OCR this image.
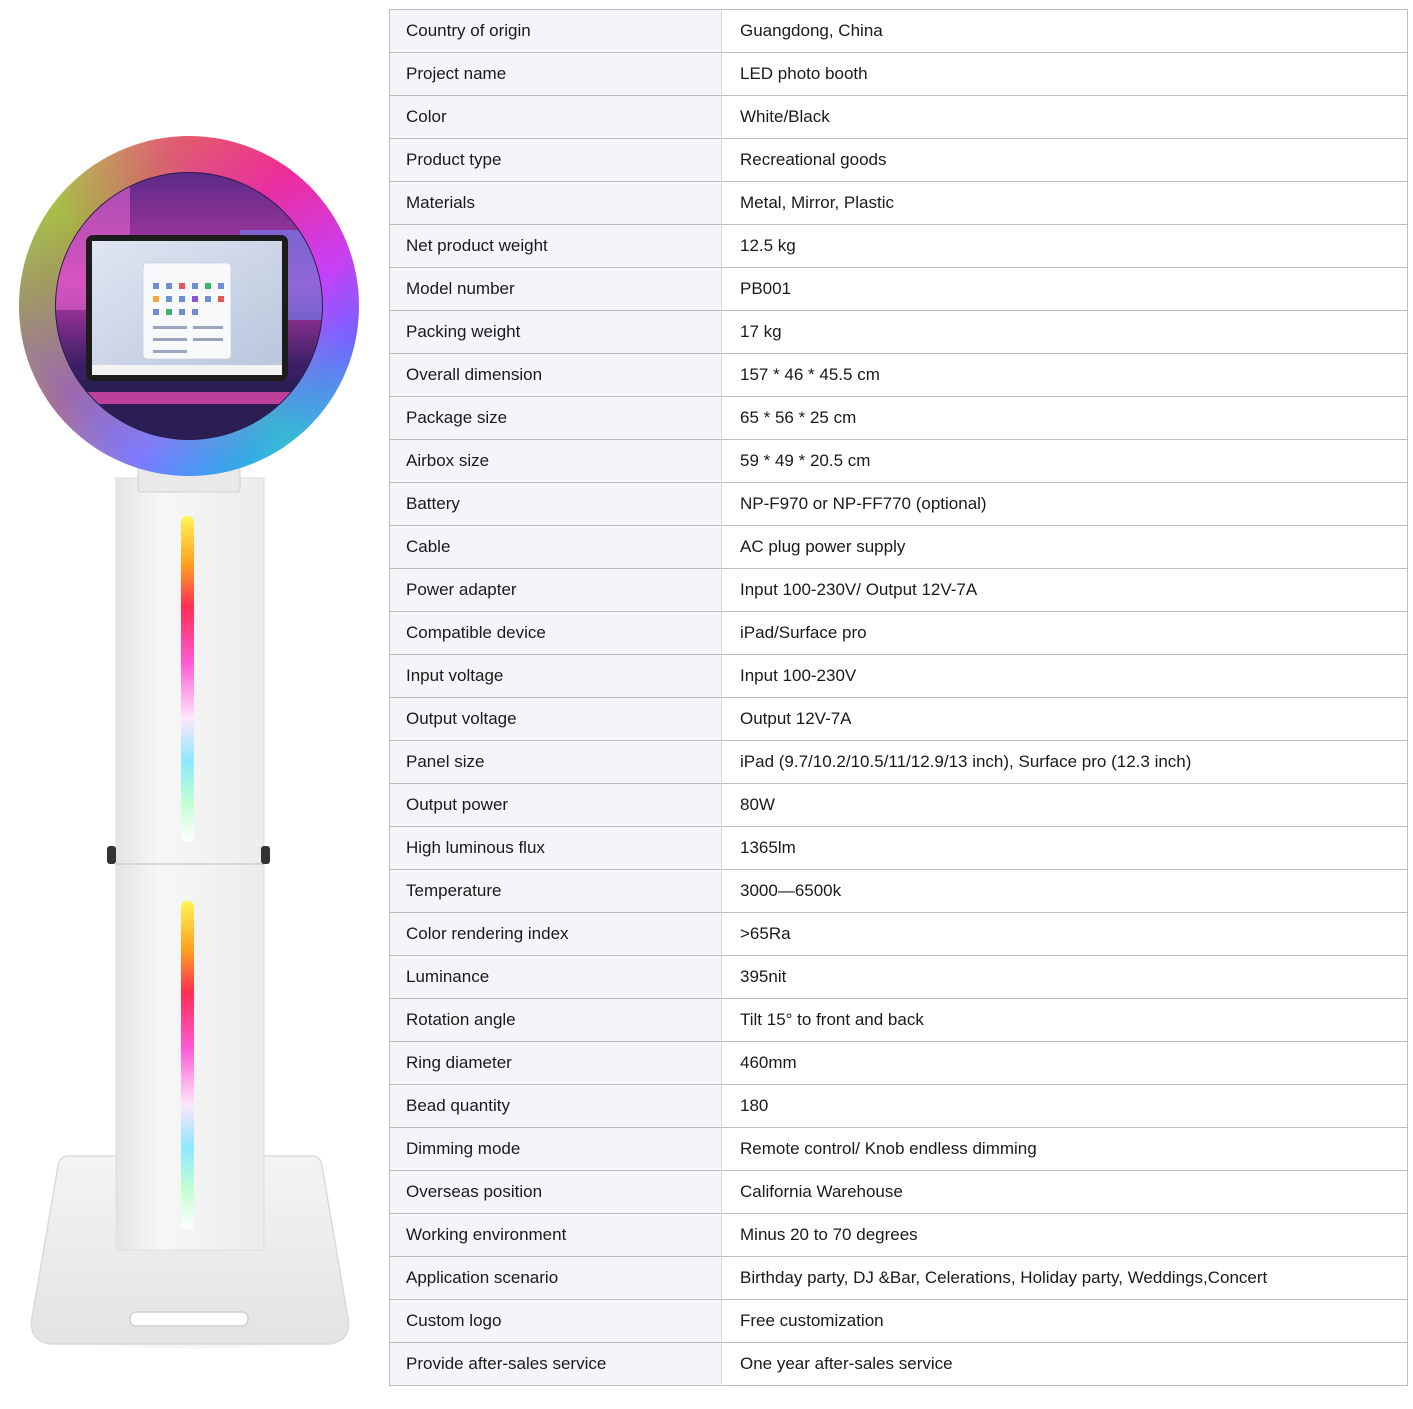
Country of origin	Guangdong, China
Project name	LED photo booth
Color	White/Black
Product type	Recreational goods
Materials	Metal, Mirror, Plastic
Net product weight	12.5 kg
Model number	PB001
Packing weight	17 kg
Overall dimension	157 * 46 * 45.5 cm
Package size	65 * 56 * 25 cm
Airbox size	59 * 49 * 20.5 cm
Battery	NP-F970 or NP-FF770 (optional)
Cable	AC plug power supply
Power adapter	Input 100-230V/ Output 12V-7A
Compatible device	iPad/Surface pro
Input voltage	Input 100-230V
Output voltage	Output 12V-7A
Panel size	iPad (9.7/10.2/10.5/11/12.9/13 inch), Surface pro (12.3 inch)
Output power	80W
High luminous flux	1365lm
Temperature	3000—6500k
Color rendering index	>65Ra
Luminance	395nit
Rotation angle	Tilt 15° to front and back
Ring diameter	460mm
Bead quantity	180
Dimming mode	Remote control/ Knob endless dimming
Overseas position	California Warehouse
Working environment	Minus 20 to 70 degrees
Application scenario	Birthday party, DJ &Bar, Celerations, Holiday party, Weddings,Concert
Custom logo	Free customization
Provide after-sales service	One year after-sales service
